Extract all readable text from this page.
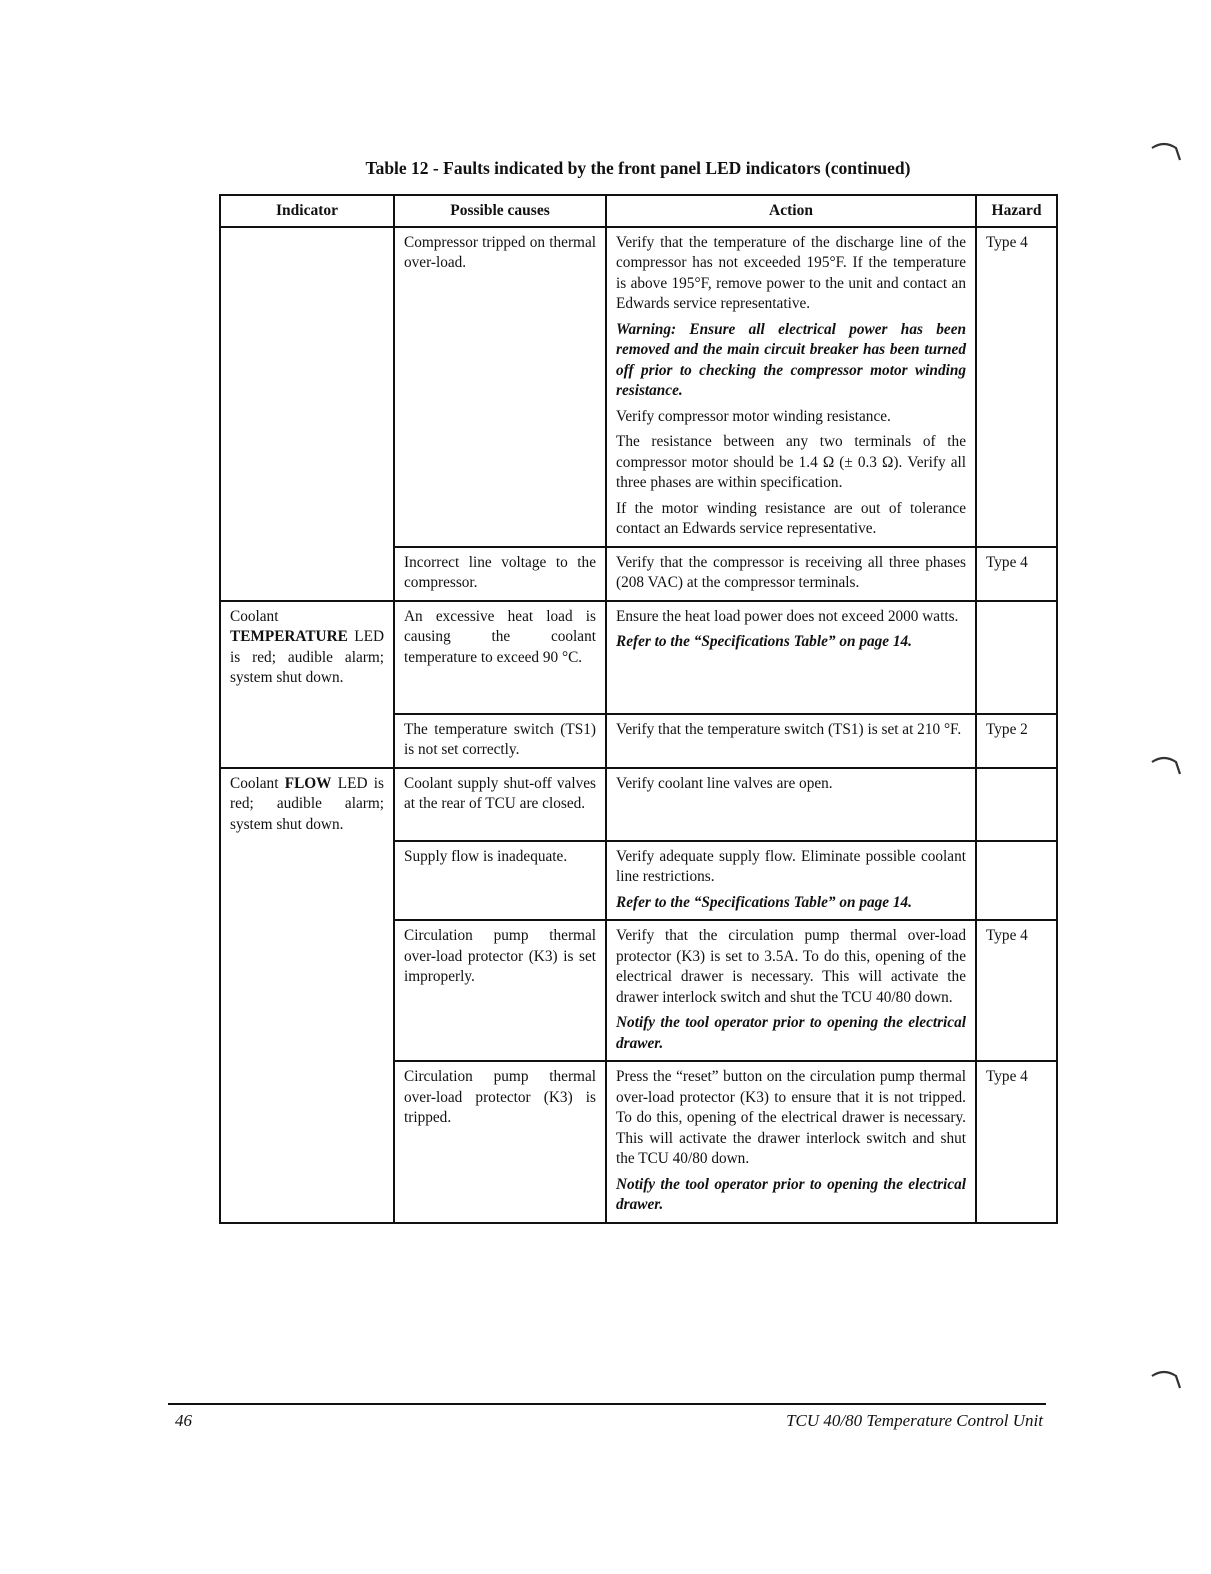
Table 12 - Faults indicated by the front panel LED indicators (continued)
Indicator	Possible causes	Action	Hazard
	Compressor tripped on thermal over-load.	Verify that the temperature of the discharge line of the compressor has not exceeded 195°F. If the temperature is above 195°F, remove power to the unit and contact an Edwards service representative.

Warning: Ensure all electrical power has been removed and the main circuit breaker has been turned off prior to checking the compressor motor winding resistance.

Verify compressor motor winding resistance.

The resistance between any two terminals of the compressor motor should be 1.4 Ω (± 0.3 Ω). Verify all three phases are within specification.

If the motor winding resistance are out of tolerance contact an Edwards service representative.	Type 4
	Incorrect line voltage to the compressor.	Verify that the compressor is receiving all three phases (208 VAC) at the compressor terminals.	Type 4
Coolant TEMPERATURE LED is red; audible alarm; system shut down.	An excessive heat load is causing the coolant temperature to exceed 90 °C.	Ensure the heat load power does not exceed 2000 watts.

Refer to the “Specifications Table” on page 14.	

	The temperature switch (TS1) is not set correctly.	Verify that the temperature switch (TS1) is set at 210 °F.	Type 2
Coolant FLOW LED is red; audible alarm; system shut down.	Coolant supply shut-off valves at the rear of TCU are closed.	Verify coolant line valves are open.	

	Supply flow is inadequate.	Verify adequate supply flow. Eliminate possible coolant line restrictions.

Refer to the “Specifications Table” on page 14.	

	Circulation pump thermal over-load protector (K3) is set improperly.	Verify that the circulation pump thermal over-load protector (K3) is set to 3.5A. To do this, opening of the electrical drawer is necessary. This will activate the drawer interlock switch and shut the TCU 40/80 down.

Notify the tool operator prior to opening the electrical drawer.	Type 4
	Circulation pump thermal over-load protector (K3) is tripped.	Press the “reset” button on the circulation pump thermal over-load protector (K3) to ensure that it is not tripped. To do this, opening of the electrical drawer is necessary. This will activate the drawer interlock switch and shut the TCU 40/80 down.

Notify the tool operator prior to opening the electrical drawer.	Type 4
46	TCU 40/80 Temperature Control Unit
